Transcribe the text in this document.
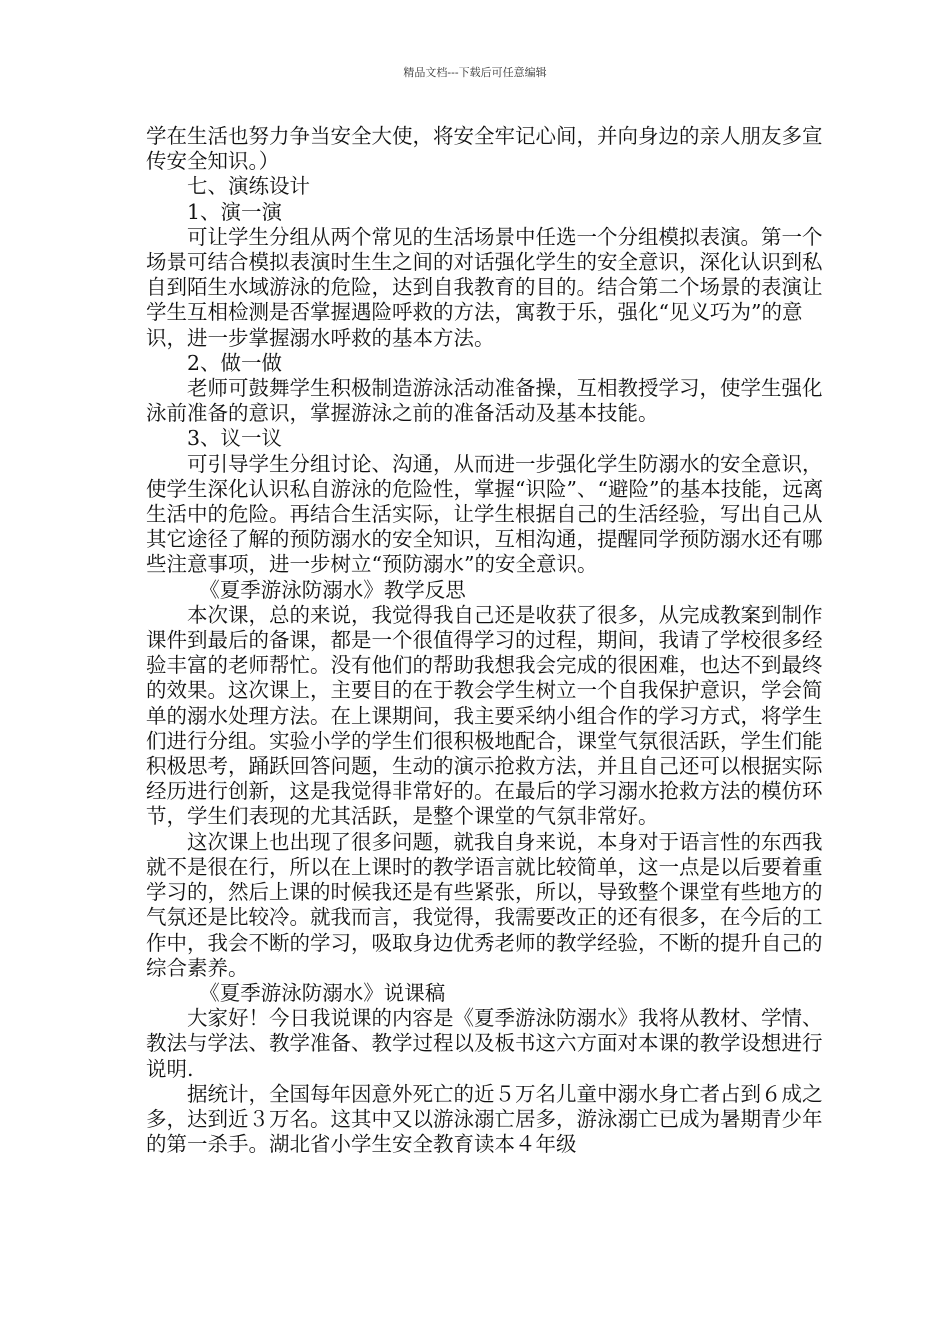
精品文档---下载后可任意编辑

学在生活也努力争当安全大使，将安全牢记心间，并向身边的亲人朋友多宣传安全知识。）

七、演练设计

1、演一演

可让学生分组从两个常见的生活场景中任选一个分组模拟表演。第一个场景可结合模拟表演时生生之间的对话强化学生的安全意识，深化认识到私自到陌生水域游泳的危险，达到自我教育的目的。结合第二个场景的表演让学生互相检测是否掌握遇险呼救的方法，寓教于乐，强化“见义巧为”的意识，进一步掌握溺水呼救的基本方法。

2、做一做

老师可鼓舞学生积极制造游泳活动准备操，互相教授学习，使学生强化泳前准备的意识，掌握游泳之前的准备活动及基本技能。

3、议一议

可引导学生分组讨论、沟通，从而进一步强化学生防溺水的安全意识，使学生深化认识私自游泳的危险性，掌握“识险”、“避险”的基本技能，远离生活中的危险。再结合生活实际，让学生根据自己的生活经验，写出自己从其它途径了解的预防溺水的安全知识，互相沟通，提醒同学预防溺水还有哪些注意事项，进一步树立“预防溺水”的安全意识。

《夏季游泳防溺水》教学反思

本次课，总的来说，我觉得我自己还是收获了很多，从完成教案到制作课件到最后的备课，都是一个很值得学习的过程，期间，我请了学校很多经验丰富的老师帮忙。没有他们的帮助我想我会完成的很困难，也达不到最终的效果。这次课上，主要目的在于教会学生树立一个自我保护意识，学会简单的溺水处理方法。在上课期间，我主要采纳小组合作的学习方式，将学生们进行分组。实验小学的学生们很积极地配合，课堂气氛很活跃，学生们能积极思考，踊跃回答问题，生动的演示抢救方法，并且自己还可以根据实际经历进行创新，这是我觉得非常好的。在最后的学习溺水抢救方法的模仿环节，学生们表现的尤其活跃，是整个课堂的气氛非常好。

这次课上也出现了很多问题，就我自身来说，本身对于语言性的东西我就不是很在行，所以在上课时的教学语言就比较简单，这一点是以后要着重学习的，然后上课的时候我还是有些紧张，所以，导致整个课堂有些地方的气氛还是比较冷。就我而言，我觉得，我需要改正的还有很多，在今后的工作中，我会不断的学习，吸取身边优秀老师的教学经验，不断的提升自己的综合素养。

《夏季游泳防溺水》说课稿

大家好！今日我说课的内容是《夏季游泳防溺水》我将从教材、学情、教法与学法、教学准备、教学过程以及板书这六方面对本课的教学设想进行说明.

据统计，全国每年因意外死亡的近５万名儿童中溺水身亡者占到６成之多，达到近３万名。这其中又以游泳溺亡居多，游泳溺亡已成为暑期青少年的第一杀手。湖北省小学生安全教育读本４年级
